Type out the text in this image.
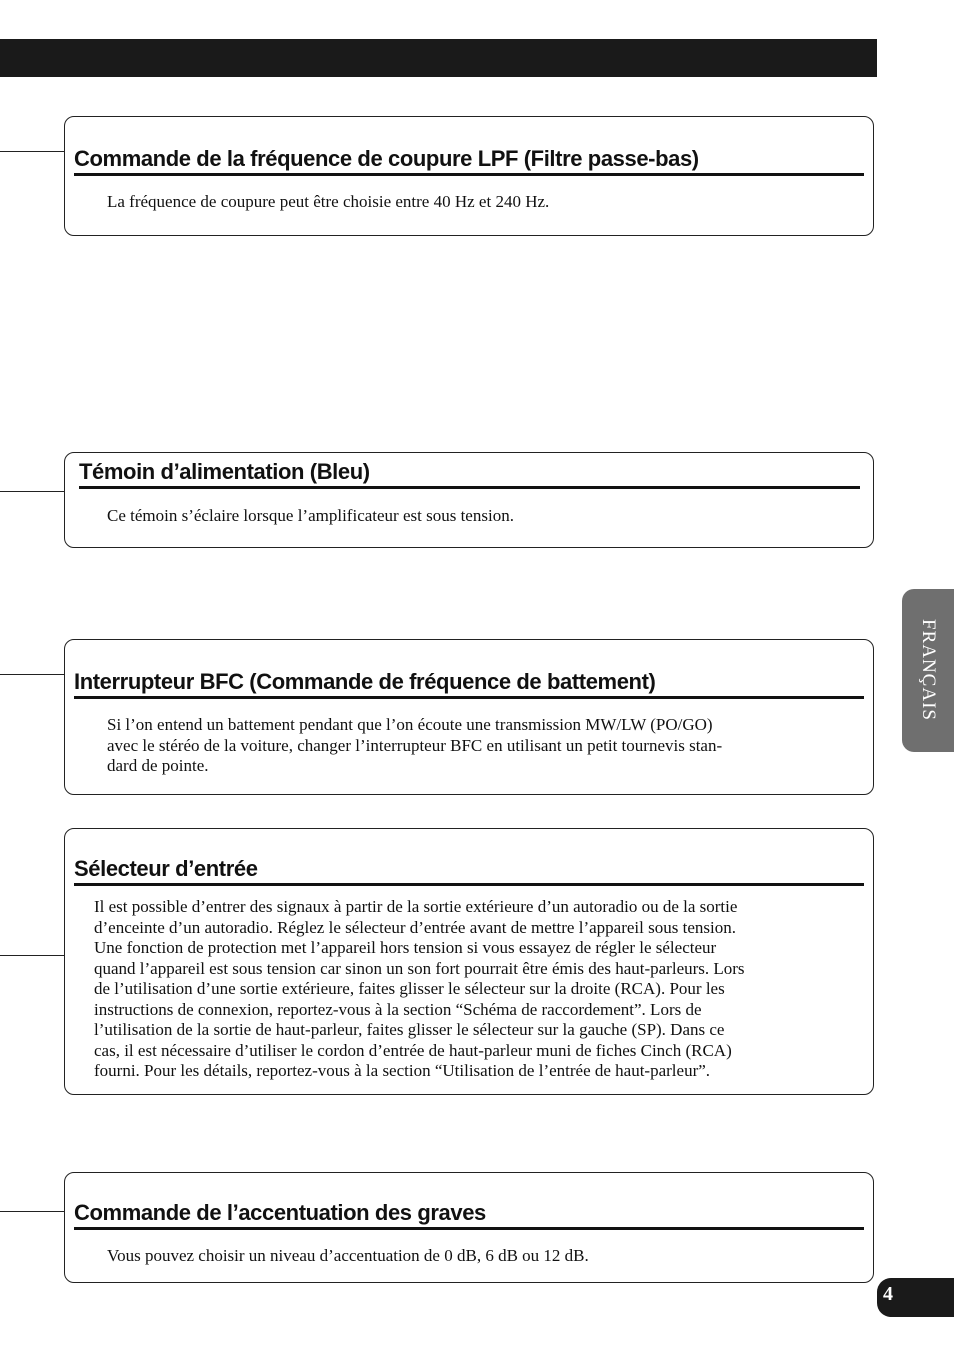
Commande de la fréquence de coupure LPF (Filtre passe-bas)
La fréquence de coupure peut être choisie entre 40 Hz et 240 Hz.
Témoin d’alimentation (Bleu)
Ce témoin s’éclaire lorsque l’amplificateur est sous tension.
Interrupteur BFC (Commande de fréquence de battement)
Si l’on entend un battement pendant que l’on écoute une transmission MW/LW (PO/GO)
avec le stéréo de la voiture, changer l’interrupteur BFC en utilisant un petit tournevis stan-
dard de pointe.
Sélecteur d’entrée
Il est possible d’entrer des signaux à partir de la sortie extérieure d’un autoradio ou de la sortie
d’enceinte d’un autoradio. Réglez le sélecteur d’entrée avant de mettre l’appareil sous tension.
Une fonction de protection met l’appareil hors tension si vous essayez de régler le sélecteur
quand l’appareil est sous tension car sinon un son fort pourrait être émis des haut-parleurs. Lors
de l’utilisation d’une sortie extérieure, faites glisser le sélecteur sur la droite (RCA). Pour les
instructions de connexion, reportez-vous à la section “Schéma de raccordement”. Lors de
l’utilisation de la sortie de haut-parleur, faites glisser le sélecteur sur la gauche (SP). Dans ce
cas, il est nécessaire d’utiliser le cordon d’entrée de haut-parleur muni de fiches Cinch (RCA)
fourni. Pour les détails, reportez-vous à la section “Utilisation de l’entrée de haut-parleur”.
Commande de l’accentuation des graves
Vous pouvez choisir un niveau d’accentuation de 0 dB, 6 dB ou 12 dB.
FRANÇAIS
4
